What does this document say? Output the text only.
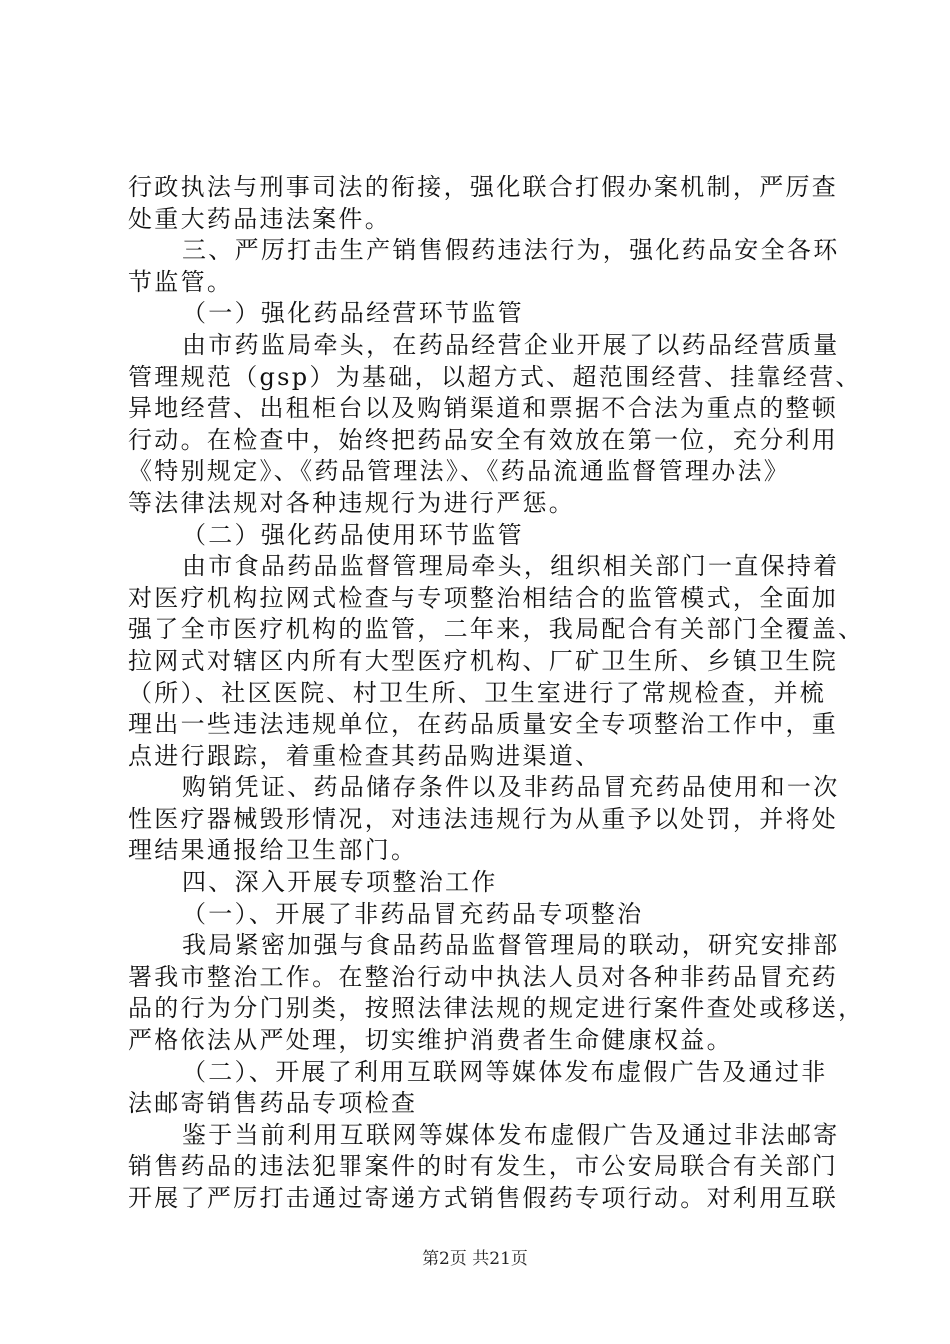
行政执法与刑事司法的衔接，强化联合打假办案机制，严厉查
处重大药品违法案件。
三、严厉打击生产销售假药违法行为，强化药品安全各环
节监管。
（一）强化药品经营环节监管
由市药监局牵头，在药品经营企业开展了以药品经营质量
管理规范（gsp）为基础，以超方式、超范围经营、挂靠经营、
异地经营、出租柜台以及购销渠道和票据不合法为重点的整顿
行动。在检查中，始终把药品安全有效放在第一位，充分利用
《特别规定》、《药品管理法》、《药品流通监督管理办法》
等法律法规对各种违规行为进行严惩。
（二）强化药品使用环节监管
由市食品药品监督管理局牵头，组织相关部门一直保持着
对医疗机构拉网式检查与专项整治相结合的监管模式，全面加
强了全市医疗机构的监管，二年来，我局配合有关部门全覆盖、
拉网式对辖区内所有大型医疗机构、厂矿卫生所、乡镇卫生院
（所）、社区医院、村卫生所、卫生室进行了常规检查，并梳
理出一些违法违规单位，在药品质量安全专项整治工作中，重
点进行跟踪，着重检查其药品购进渠道、
购销凭证、药品储存条件以及非药品冒充药品使用和一次
性医疗器械毁形情况，对违法违规行为从重予以处罚，并将处
理结果通报给卫生部门。
四、深入开展专项整治工作
（一）、开展了非药品冒充药品专项整治
我局紧密加强与食品药品监督管理局的联动，研究安排部
署我市整治工作。在整治行动中执法人员对各种非药品冒充药
品的行为分门别类，按照法律法规的规定进行案件查处或移送，
严格依法从严处理，切实维护消费者生命健康权益。
（二）、开展了利用互联网等媒体发布虚假广告及通过非
法邮寄销售药品专项检查
鉴于当前利用互联网等媒体发布虚假广告及通过非法邮寄
销售药品的违法犯罪案件的时有发生，市公安局联合有关部门
开展了严厉打击通过寄递方式销售假药专项行动。对利用互联
第2页 共21页
